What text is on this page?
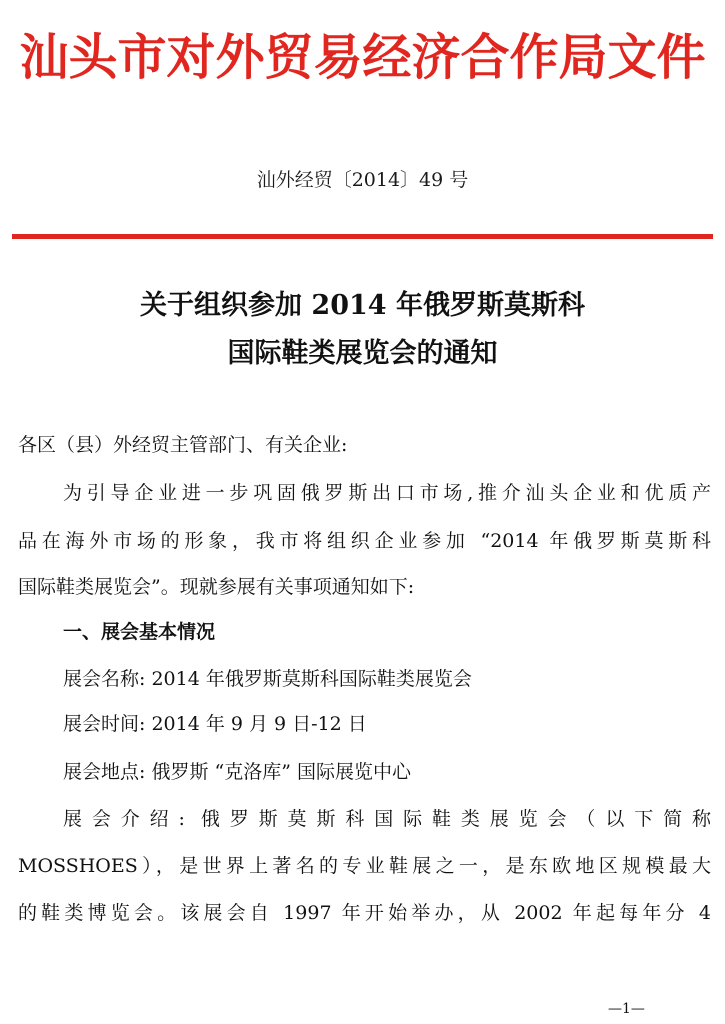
汕头市对外贸易经济合作局文件
汕外经贸〔2014〕49 号
关于组织参加 2014 年俄罗斯莫斯科
国际鞋类展览会的通知
各区（县）外经贸主管部门、有关企业:
为引导企业进一步巩固俄罗斯出口市场,推介汕头企业和优质产
品在海外市场的形象，我市将组织企业参加 “2014 年俄罗斯莫斯科
国际鞋类展览会”。现就参展有关事项通知如下:
一、展会基本情况
展会名称: 2014 年俄罗斯莫斯科国际鞋类展览会
展会时间: 2014 年 9 月 9 日-12 日
展会地点: 俄罗斯 “克洛库” 国际展览中心
展会介绍: 俄罗斯莫斯科国际鞋类展览会（以下简称
MOSSHOES），是世界上著名的专业鞋展之一，是东欧地区规模最大
的鞋类博览会。该展会自 1997 年开始举办，从 2002 年起每年分 4
—1—
